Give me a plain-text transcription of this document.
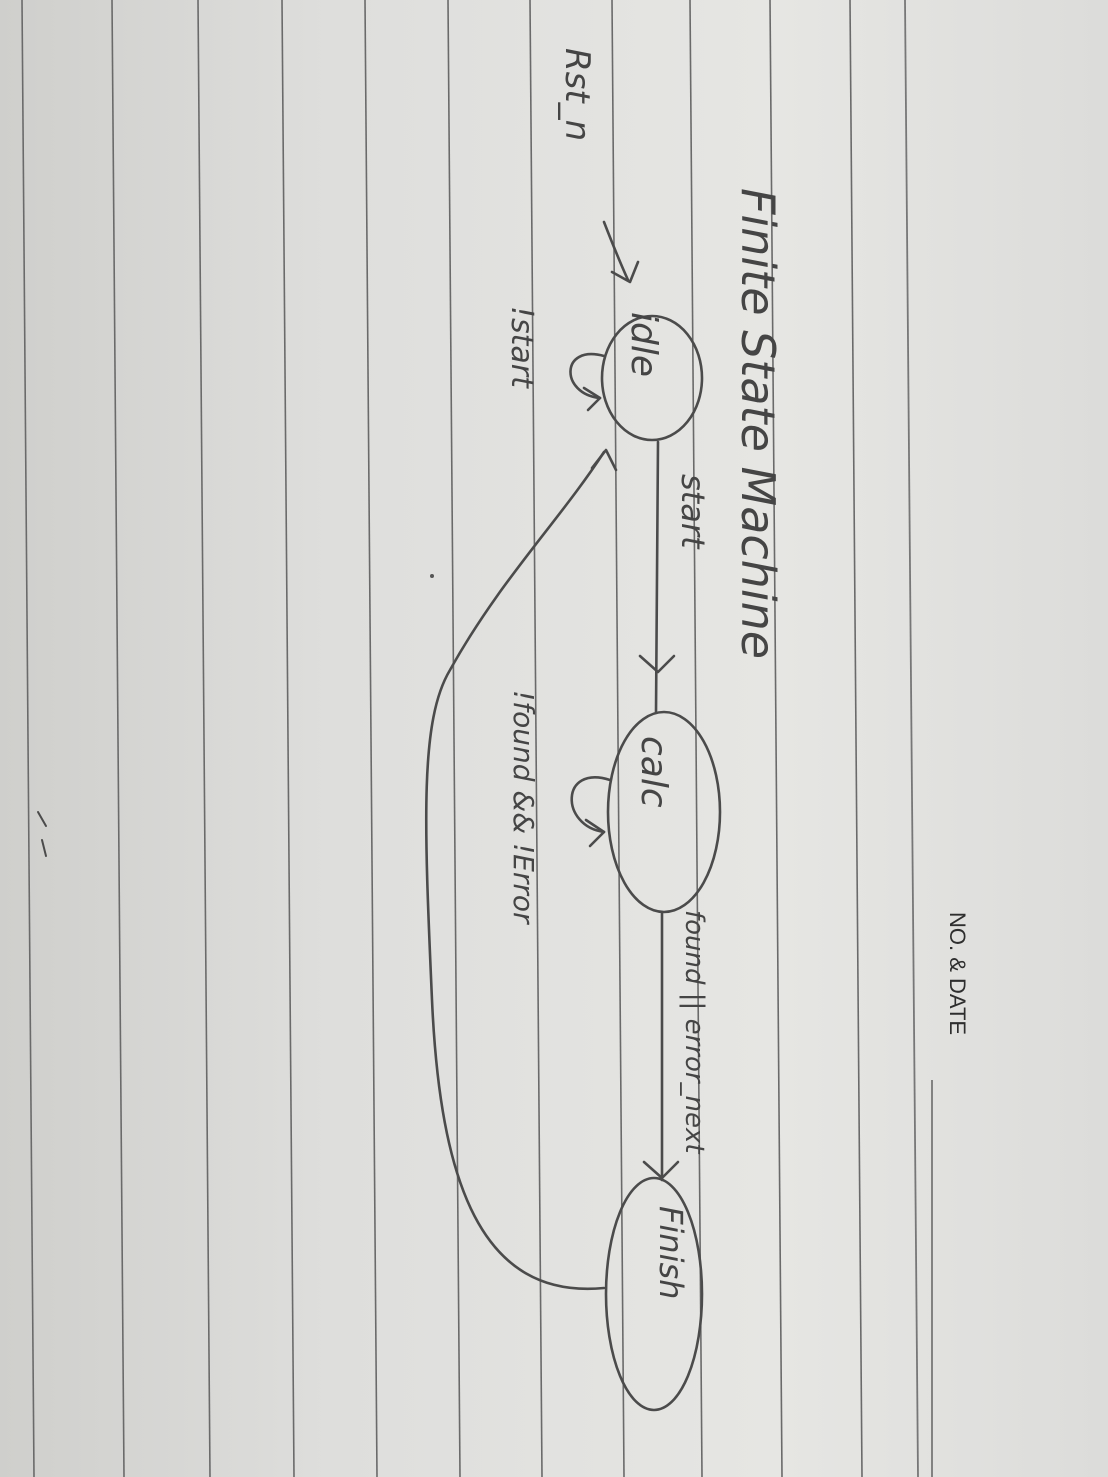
NO. & DATE
Finite State Machine
Rst_n
idle
!start
start
calc
!found && !Error
found || error_next
Finish
